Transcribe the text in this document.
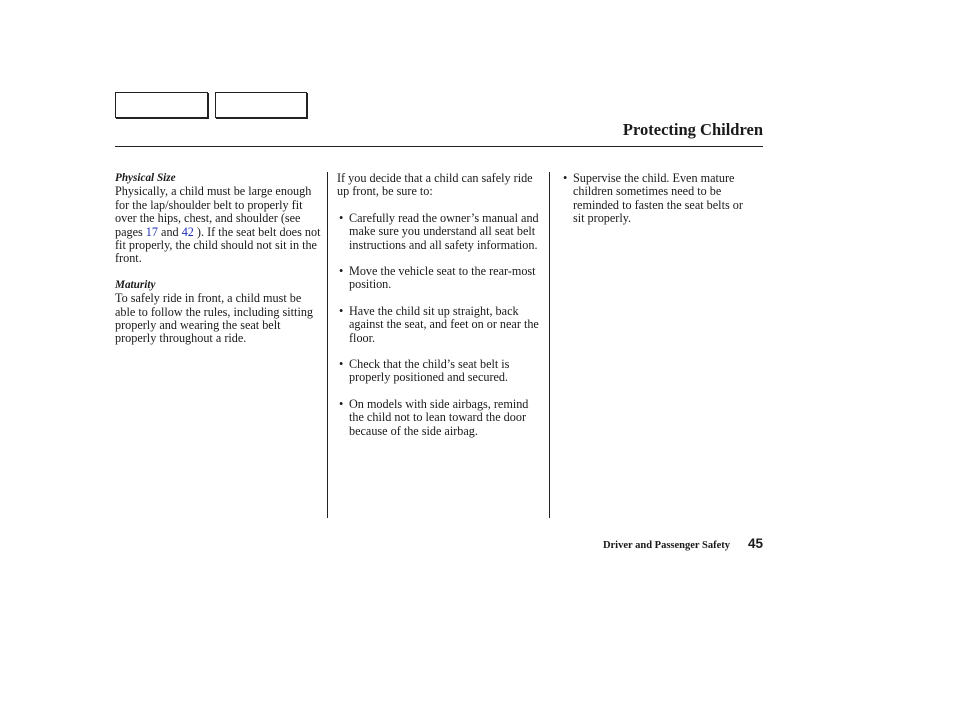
Protecting Children
Physical Size

Physically, a child must be large enough for the lap/shoulder belt to properly fit over the hips, chest, and shoulder (see pages 17 and 42 ). If the seat belt does not fit properly, the child should not sit in the front.

Maturity

To safely ride in front, a child must be able to follow the rules, including sitting properly and wearing the seat belt properly throughout a ride.

If you decide that a child can safely ride up front, be sure to:

• Carefully read the owner’s manual and make sure you understand all seat belt instructions and all safety information.
• Move the vehicle seat to the rear-most position.
• Have the child sit up straight, back against the seat, and feet on or near the floor.
• Check that the child’s seat belt is properly positioned and secured.
• On models with side airbags, remind the child not to lean toward the door because of the side airbag.
• Supervise the child. Even mature children sometimes need to be reminded to fasten the seat belts or sit properly.
Driver and Passenger Safety 45
